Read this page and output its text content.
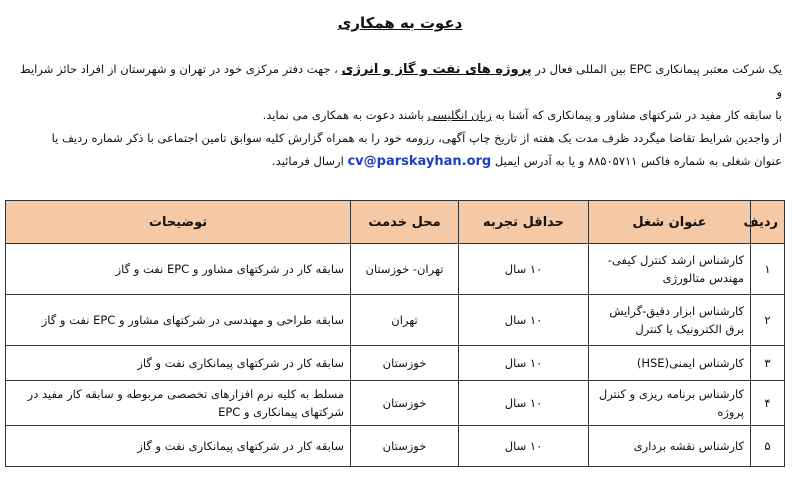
دعوت به همکاری

یک شرکت معتبر پیمانکاری EPC بین المللی فعال در پروژه های نفت و گاز و انرژی ، جهت دفتر مرکزی خود در تهران و شهرستان از افراد حائز شرایط و

با سابقه کار مفید در شرکتهای مشاور و پیمانکاری که آشنا به زبان انگلیسی باشند دعوت به همکاری می نماید.

از واجدین شرایط تقاضا میگردد ظرف مدت یک هفته از تاریخ چاپ آگهی، رزومه خود را به همراه گزارش کلیه سوابق تامین اجتماعی با ذکر شماره ردیف یا

عنوان شغلی به شماره فاکس ۸۸۵۰۵۷۱۱ و یا به آدرس ایمیل cv@parskayhan.org ارسال فرمائید.

ردیف	عنوان شغل	حداقل تجربه	محل خدمت	توضیحات
۱	کارشناس ارشد کنترل کیفی- مهندس متالورژی	۱۰ سال	تهران- خوزستان	سابقه کار در شرکتهای مشاور و EPC نفت و گاز
۲	کارشناس ابزار دقیق-گرایش برق الکترونیک یا کنترل	۱۰ سال	تهران	سابقه طراحی و مهندسی در شرکتهای مشاور و EPC نفت و گاز
۳	کارشناس ایمنی(HSE)	۱۰ سال	خوزستان	سابقه کار در شرکتهای پیمانکاری نفت و گاز
۴	کارشناس برنامه ریزی و کنترل پروژه	۱۰ سال	خوزستان	مسلط به کلیه نرم افزارهای تخصصی مربوطه و سابقه کار مفید در شرکتهای پیمانکاری و EPC
۵	کارشناس نقشه برداری	۱۰ سال	خوزستان	سابقه کار در شرکتهای پیمانکاری نفت و گاز
